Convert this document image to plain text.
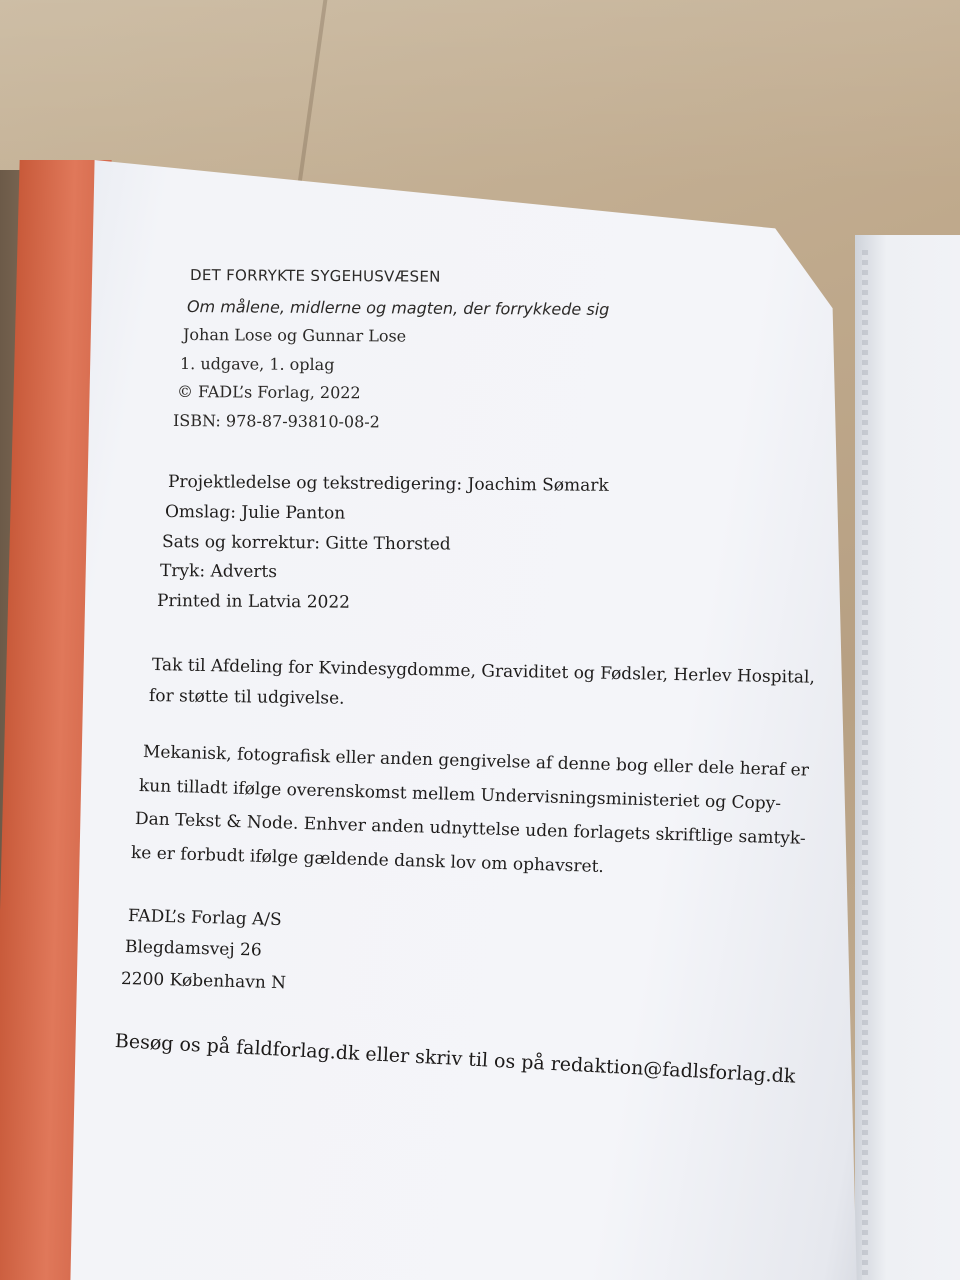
DET FORRYKTE SYGEHUSVÆSEN
Om målene, midlerne og magten, der forrykkede sig
Johan Lose og Gunnar Lose
1. udgave, 1. oplag
© FADL’s Forlag, 2022
ISBN: 978-87-93810-08-2
Projektledelse og tekstredigering: Joachim Sømark
Omslag: Julie Panton
Sats og korrektur: Gitte Thorsted
Tryk: Adverts
Printed in Latvia 2022
Tak til Afdeling for Kvindesygdomme, Graviditet og Fødsler, Herlev Hospital,
for støtte til udgivelse.
Mekanisk, fotografisk eller anden gengivelse af denne bog eller dele heraf er
kun tilladt ifølge overenskomst mellem Undervisningsministeriet og Copy-
Dan Tekst & Node. Enhver anden udnyttelse uden forlagets skriftlige samtyk-
ke er forbudt ifølge gældende dansk lov om ophavsret.
FADL’s Forlag A/S
Blegdamsvej 26
2200 København N
Besøg os på faldforlag.dk eller skriv til os på redaktion@fadlsforlag.dk
